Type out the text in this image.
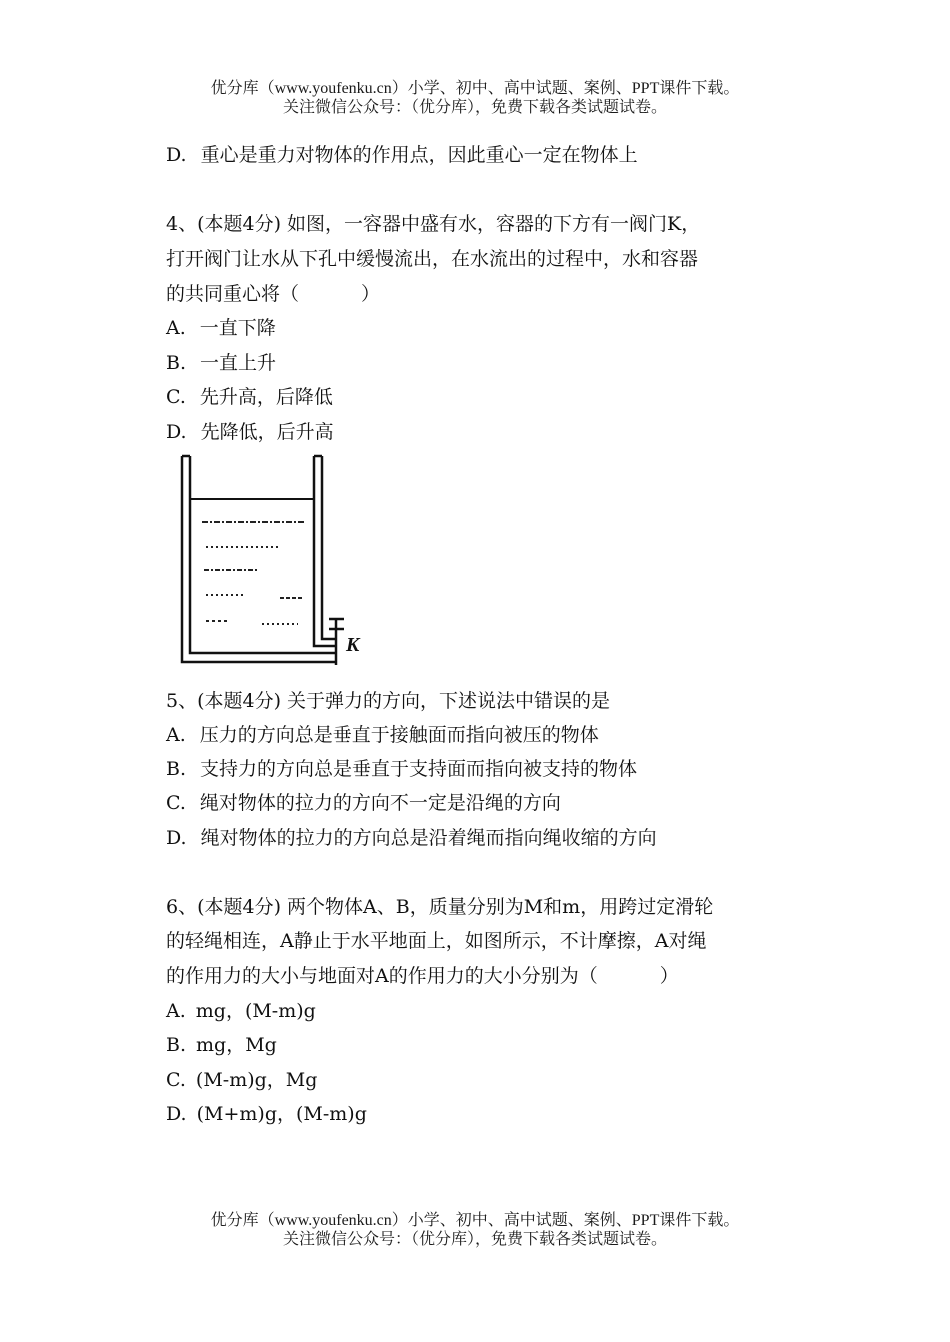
优分库（www.youfenku.cn）小学、初中、高中试题、案例、PPT课件下载。
关注微信公众号：（优分库），免费下载各类试题试卷。
D. 重心是重力对物体的作用点，因此重心一定在物体上
4、(本题4分) 如图，一容器中盛有水，容器的下方有一阀门K，
打开阀门让水从下孔中缓慢流出，在水流出的过程中，水和容器
的共同重心将（	）
A. 一直下降
B. 一直上升
C. 先升高，后降低
D. 先降低，后升高
K
5、(本题4分) 关于弹力的方向，下述说法中错误的是
A. 压力的方向总是垂直于接触面而指向被压的物体
B. 支持力的方向总是垂直于支持面而指向被支持的物体
C. 绳对物体的拉力的方向不一定是沿绳的方向
D. 绳对物体的拉力的方向总是沿着绳而指向绳收缩的方向
6、(本题4分) 两个物体A、B，质量分别为M和m，用跨过定滑轮
的轻绳相连，A静止于水平地面上，如图所示，不计摩擦，A对绳
的作用力的大小与地面对A的作用力的大小分别为（	）
A. mg，(M-m)g
B. mg，Mg
C. (M-m)g，Mg
D. (M+m)g，(M-m)g
优分库（www.youfenku.cn）小学、初中、高中试题、案例、PPT课件下载。
关注微信公众号：（优分库），免费下载各类试题试卷。
